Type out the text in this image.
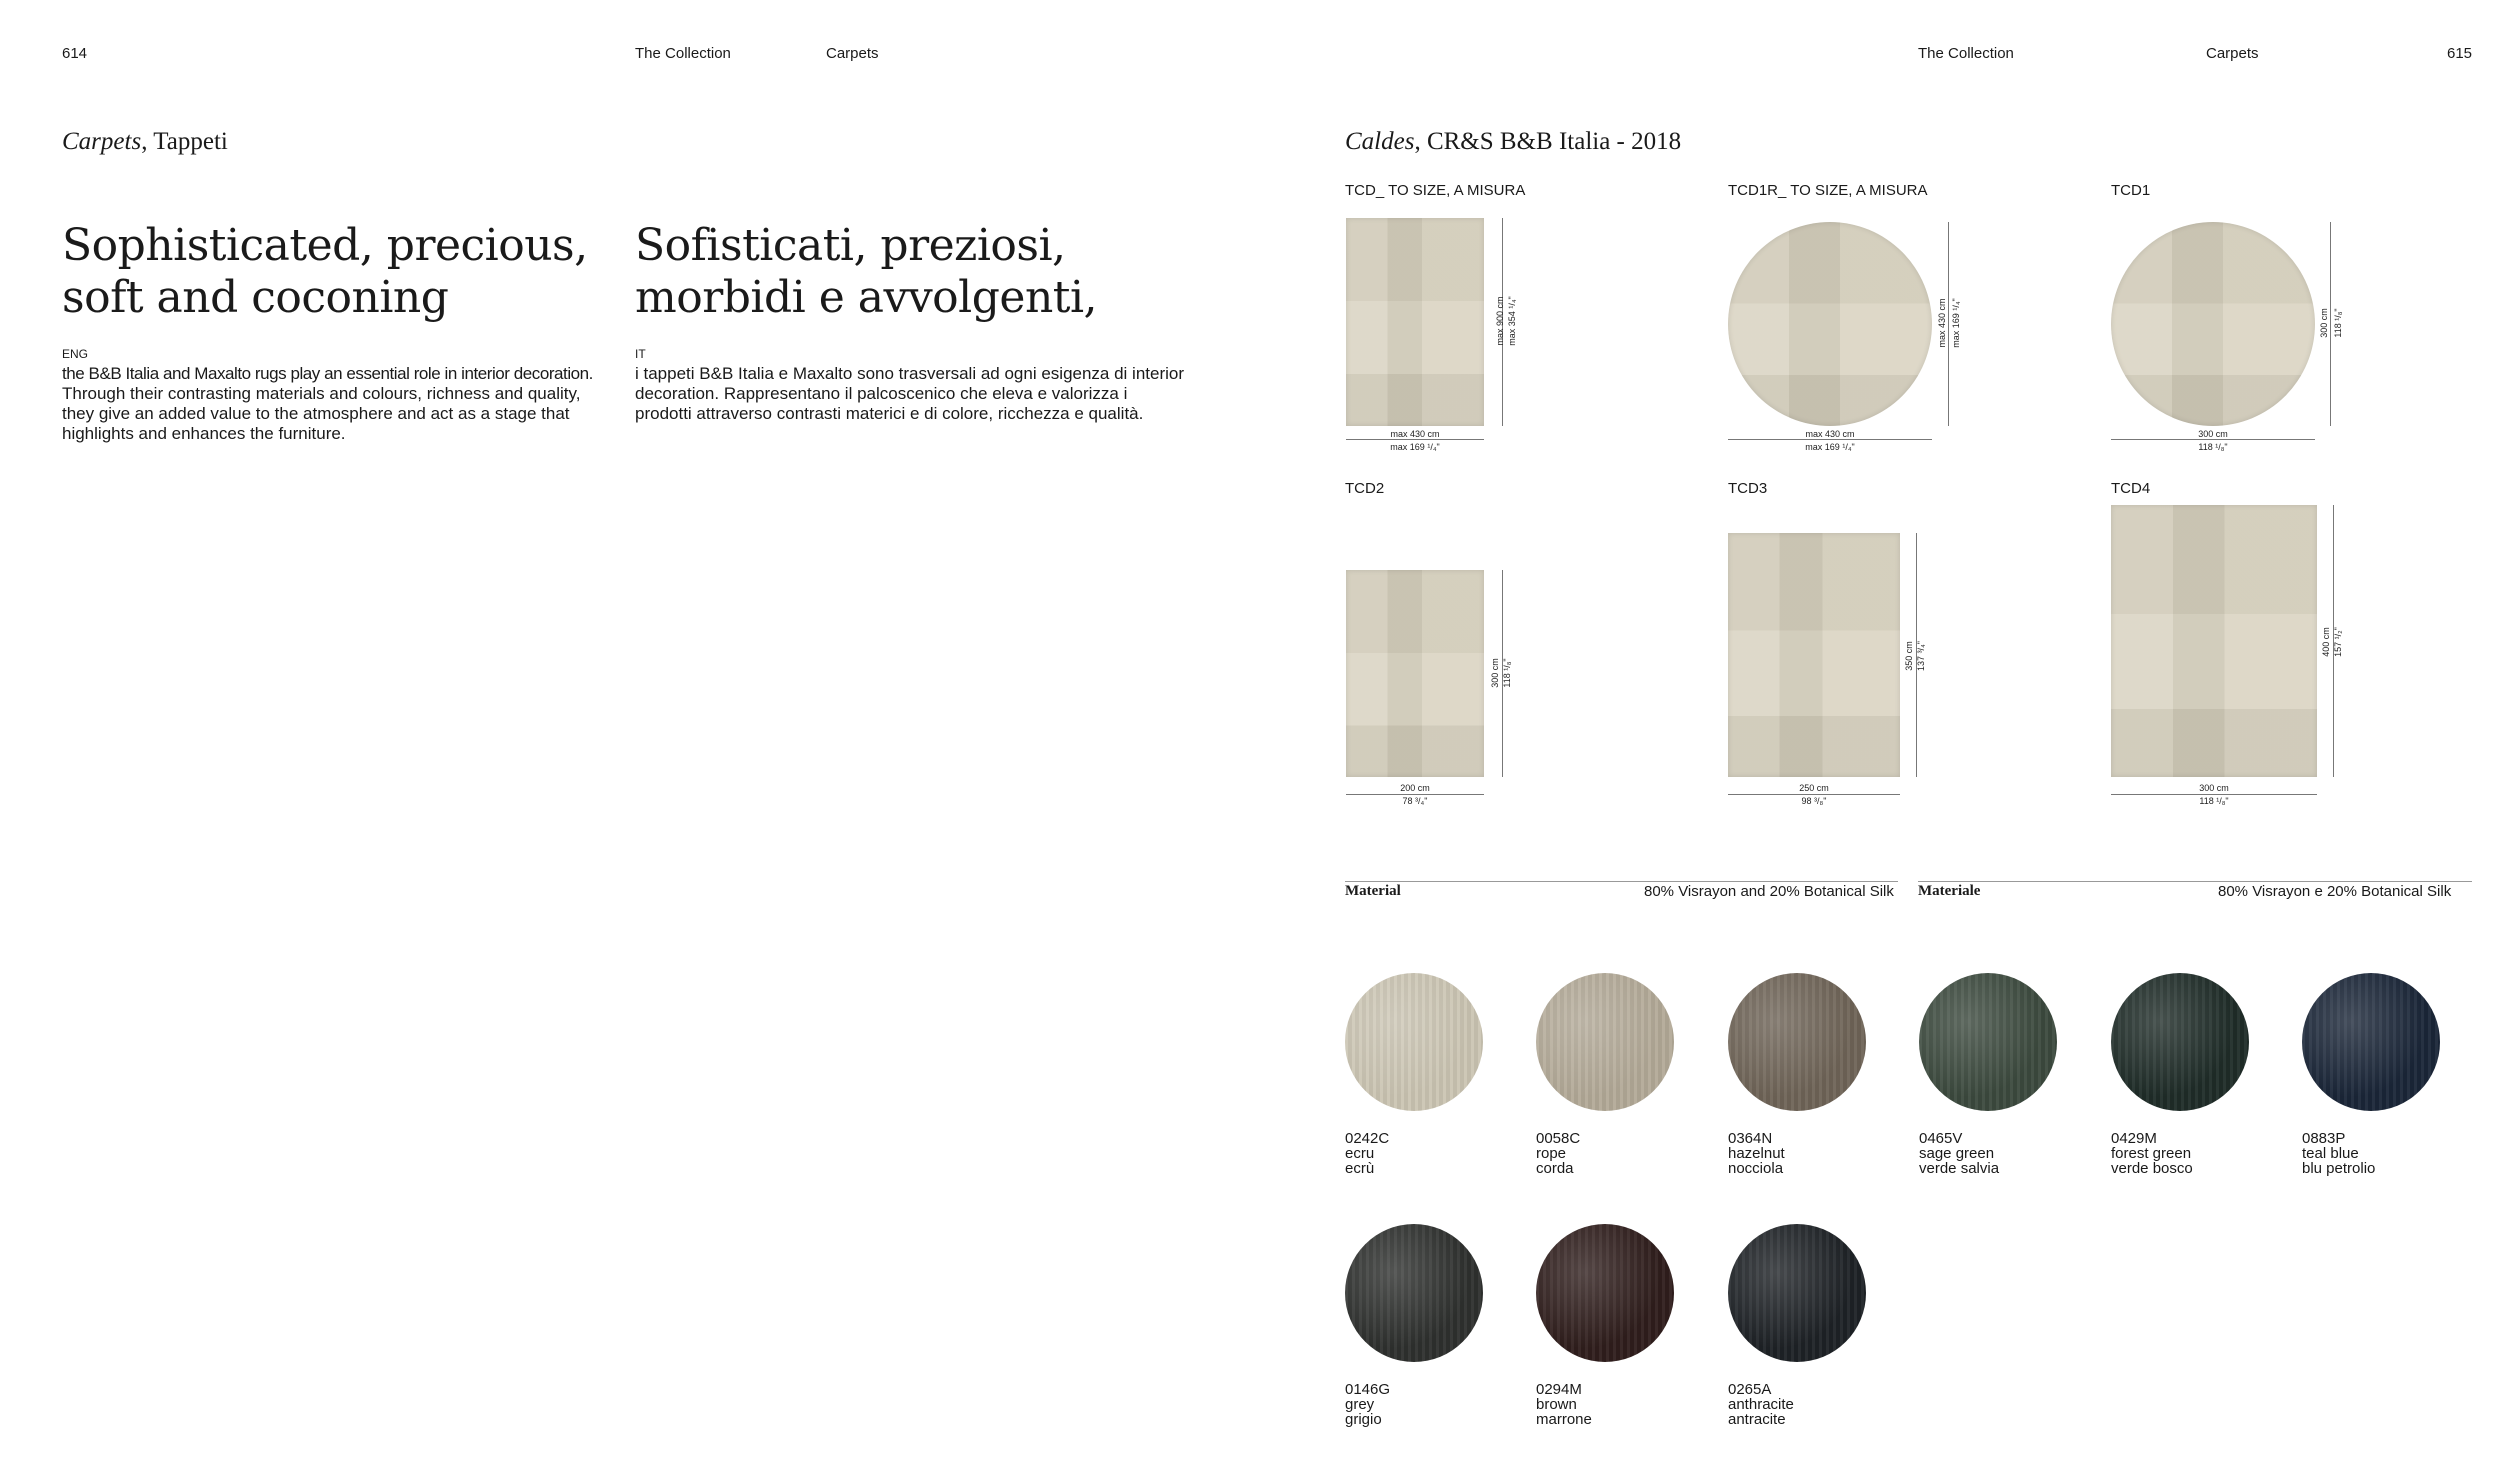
614	The Collection	Carpets	The Collection	Carpets	615
Carpets, Tappeti
Sophisticated, precious,
soft and coconing
Sofisticati, preziosi,
morbidi e avvolgenti,
ENG	IT
the B&B Italia and Maxalto rugs play an essential role in interior decoration.
Through their contrasting materials and colours, richness and quality,
they give an added value to the atmosphere and act as a stage that
highlights and enhances the furniture.
i tappeti B&B Italia e Maxalto sono trasversali ad ogni esigenza di interior
decoration. Rappresentano il palcoscenico che eleva e valorizza i
prodotti attraverso contrasti materici e di colore, ricchezza e qualità.
Caldes, CR&S B&B Italia - 2018
TCD_ TO SIZE, A MISURA
max 900 cm max 354 ¹/₄"
max 430 cm
max 169 ¹/₄"
TCD1R_ TO SIZE, A MISURA
max 430 cm max 169 ¹/₄"
max 430 cm
max 169 ¹/₄"
TCD1
300 cm 118 ¹/₈"
300 cm
118 ¹/₈"
TCD2
300 cm 118 ¹/₈"
200 cm
78 ³/₄"
TCD3
350 cm 137 ³/₄"
250 cm
98 ³/₈"
TCD4
400 cm 157 ¹/₂"
300 cm
118 ¹/₈"
Material	80% Visrayon and 20% Botanical Silk Materiale	80% Visrayon e 20% Botanical Silk
0242C
ecru
ecrù
0058C
rope
corda
0364N
hazelnut
nocciola
0465V
sage green
verde salvia
0429M
forest green
verde bosco
0883P
teal blue
blu petrolio
0146G
grey
grigio
0294M
brown
marrone
0265A
anthracite
antracite
